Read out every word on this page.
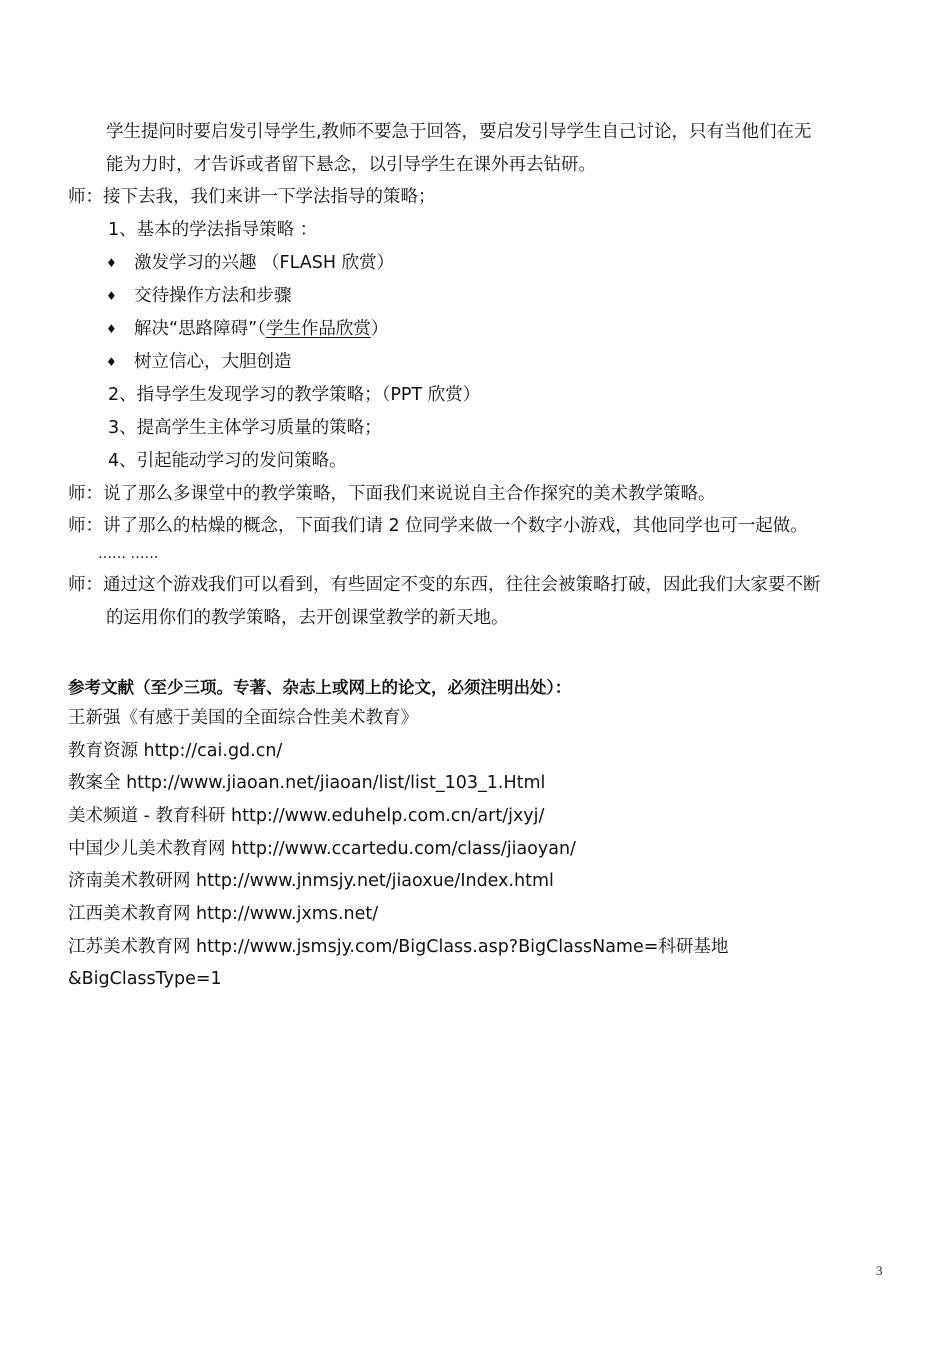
学生提问时要启发引导学生,教师不要急于回答，要启发引导学生自己讨论，只有当他们在无
能为力时，才告诉或者留下悬念，以引导学生在课外再去钻研。
师：接下去我，我们来讲一下学法指导的策略；
1、基本的学法指导策略 ：
♦ 激发学习的兴趣 （FLASH 欣赏）
♦ 交待操作方法和步骤
♦ 解决“思路障碍”（学生作品欣赏）
♦ 树立信心，大胆创造
2、指导学生发现学习的教学策略；（PPT 欣赏）
3、提高学生主体学习质量的策略；
4、引起能动学习的发问策略。
师：说了那么多课堂中的教学策略，下面我们来说说自主合作探究的美术教学策略。
师：讲了那么的枯燥的概念，下面我们请 2 位同学来做一个数字小游戏，其他同学也可一起做。
…… ……
师：通过这个游戏我们可以看到，有些固定不变的东西，往往会被策略打破，因此我们大家要不断
的运用你们的教学策略，去开创课堂教学的新天地。
参考文献（至少三项。专著、杂志上或网上的论文，必须注明出处）：
王新强《有感于美国的全面综合性美术教育》
教育资源 http://cai.gd.cn/
教案全 http://www.jiaoan.net/jiaoan/list/list_103_1.Html
美术频道 - 教育科研 http://www.eduhelp.com.cn/art/jxyj/
中国少儿美术教育网 http://www.ccartedu.com/class/jiaoyan/
济南美术教研网 http://www.jnmsjy.net/jiaoxue/Index.html
江西美术教育网 http://www.jxms.net/
江苏美术教育网 http://www.jsmsjy.com/BigClass.asp?BigClassName=科研基地
&BigClassType=1
3
